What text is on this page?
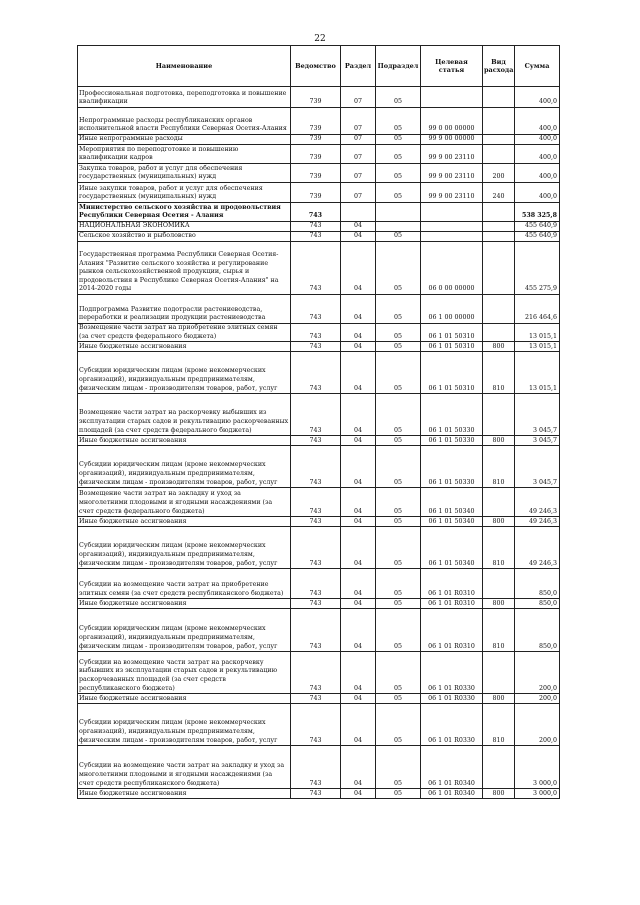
22
Наименование	Ведомство	Раздел	Подраздел	Целевая статья	Вид расхода	Сумма
Профессиональная подготовка, переподготовка и повышение квалификации	739	07	05			400,0
Непрограммные расходы республиканских органов исполнительной власти Республики Северная Осетия-Алания	739	07	05	99 0 00 00000		400,0
Иные непрограммные расходы	739	07	05	99 9 00 00000		400,0
Мероприятия по переподготовке и повышению квалификации кадров	739	07	05	99 9 00 23110		400,0
Закупка товаров, работ и услуг для обеспечения государственных (муниципальных) нужд	739	07	05	99 9 00 23110	200	400,0
Иные закупки товаров, работ и услуг для обеспечения государственных (муниципальных) нужд	739	07	05	99 9 00 23110	240	400,0
Министерство сельского хозяйства и продовольствия Республики Северная Осетия - Алания	743					538 325,8
НАЦИОНАЛЬНАЯ ЭКОНОМИКА	743	04				455 640,9
Сельское хозяйство и рыболовство	743	04	05			455 640,9
Государственная программа Республики Северная Осетия-Алания "Развитие сельского хозяйства и регулирование рынков сельскохозяйственной продукции, сырья и продовольствия в Республике Северная Осетия-Алания" на 2014-2020 годы	743	04	05	06 0 00 00000		455 275,9
Подпрограмма Развитие подотрасли растениеводства, переработки и реализации продукции растениеводства	743	04	05	06 1 00 00000		216 464,6
Возмещение части затрат на приобретение элитных семян (за счет средств федерального бюджета)	743	04	05	06 1 01 50310		13 015,1
Иные бюджетные ассигнования	743	04	05	06 1 01 50310	800	13 015,1
Субсидии юридическим лицам (кроме некоммерческих организаций), индивидуальным предпринимателям, физическим лицам - производителям товаров, работ, услуг	743	04	05	06 1 01 50310	810	13 015,1
Возмещение части затрат на раскорчевку выбывших из эксплуатации старых садов и рекультивацию раскорчеванных площадей (за счет средств федерального бюджета)	743	04	05	06 1 01 50330		3 045,7
Иные бюджетные ассигнования	743	04	05	06 1 01 50330	800	3 045,7
Субсидии юридическим лицам (кроме некоммерческих организаций), индивидуальным предпринимателям, физическим лицам - производителям товаров, работ, услуг	743	04	05	06 1 01 50330	810	3 045,7
Возмещение части затрат на закладку и уход за многолетними плодовыми и ягодными насаждениями (за счет средств федерального бюджета)	743	04	05	06 1 01 50340		49 246,3
Иные бюджетные ассигнования	743	04	05	06 1 01 50340	800	49 246,3
Субсидии юридическим лицам (кроме некоммерческих организаций), индивидуальным предпринимателям, физическим лицам - производителям товаров, работ, услуг	743	04	05	06 1 01 50340	810	49 246,3
Субсидии на возмещение части затрат на приобретение элитных семян (за счет средств республиканского бюджета)	743	04	05	06 1 01 R0310		850,0
Иные бюджетные ассигнования	743	04	05	06 1 01 R0310	800	850,0
Субсидии юридическим лицам (кроме некоммерческих организаций), индивидуальным предпринимателям, физическим лицам - производителям товаров, работ, услуг	743	04	05	06 1 01 R0310	810	850,0
Субсидии на возмещение части затрат на раскорчевку выбывших из эксплуатации старых садов и рекультивацию раскорчеванных площадей (за счет средств республиканского бюджета)	743	04	05	06 1 01 R0330		200,0
Иные бюджетные ассигнования	743	04	05	06 1 01 R0330	800	200,0
Субсидии юридическим лицам (кроме некоммерческих организаций), индивидуальным предпринимателям, физическим лицам - производителям товаров, работ, услуг	743	04	05	06 1 01 R0330	810	200,0
Субсидии на возмещение части затрат на закладку и уход за многолетними плодовыми и ягодными насаждениями (за счет средств республиканского бюджета)	743	04	05	06 1 01 R0340		3 000,0
Иные бюджетные ассигнования	743	04	05	06 1 01 R0340	800	3 000,0
